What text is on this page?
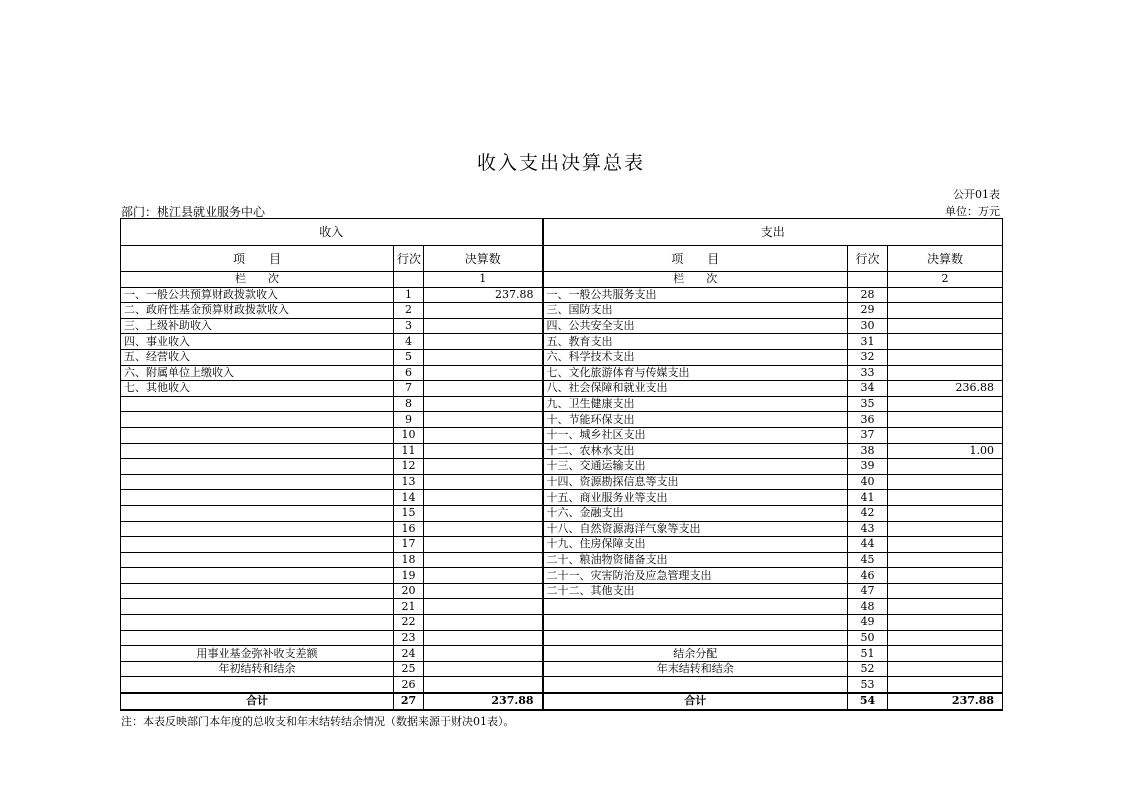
收入支出决算总表
公开01表
部门：桃江县就业服务中心	单位：万元
收入			支出		
项　　目	行次	决算数	项　　目	行次	决算数
栏　　次		1	栏　　次		2
一、一般公共预算财政拨款收入	1	237.88	一、一般公共服务支出	28	
二、政府性基金预算财政拨款收入	2		三、国防支出	29	
三、上级补助收入	3		四、公共安全支出	30	
四、事业收入	4		五、教育支出	31	
五、经营收入	5		六、科学技术支出	32	
六、附属单位上缴收入	6		七、文化旅游体育与传媒支出	33	
七、其他收入	7		八、社会保障和就业支出	34	236.88
	8		九、卫生健康支出	35	
	9		十、节能环保支出	36	
	10		十一、城乡社区支出	37	
	11		十二、农林水支出	38	1.00
	12		十三、交通运输支出	39	
	13		十四、资源勘探信息等支出	40	
	14		十五、商业服务业等支出	41	
	15		十六、金融支出	42	
	16		十八、自然资源海洋气象等支出	43	
	17		十九、住房保障支出	44	
	18		二十、粮油物资储备支出	45	
	19		二十一、灾害防治及应急管理支出	46	
	20		二十二、其他支出	47	
	21			48	
	22			49	
	23			50	
用事业基金弥补收支差额	24		结余分配	51	
年初结转和结余	25		年末结转和结余	52	
	26			53	
合计	27	237.88	合计	54	237.88
注：本表反映部门本年度的总收支和年末结转结余情况（数据来源于财决01表）。
